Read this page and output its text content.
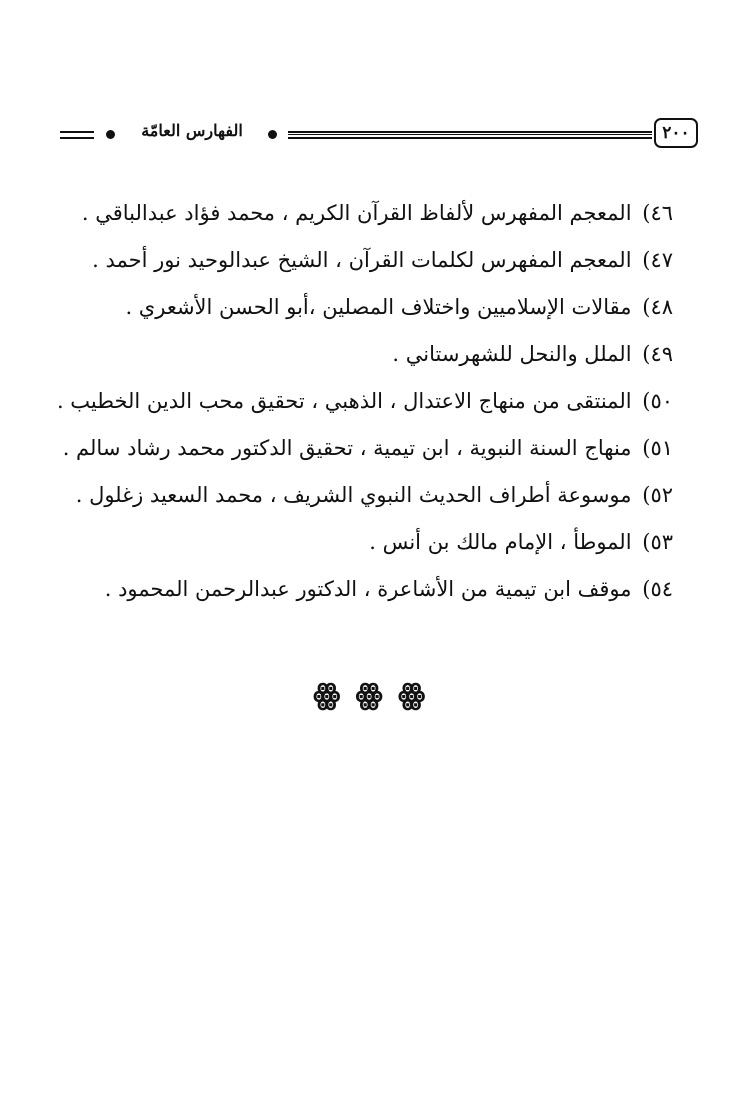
الفهارس العامّة	٢٠٠
٤٦) المعجم المفهرس لألفاظ القرآن الكريم ، محمد فؤاد عبدالباقي .
٤٧) المعجم المفهرس لكلمات القرآن ، الشيخ عبدالوحيد نور أحمد .
٤٨) مقالات الإسلاميين واختلاف المصلين ،أبو الحسن الأشعري .
٤٩) الملل والنحل للشهرستاني .
٥٠) المنتقى من منهاج الاعتدال ، الذهبي ، تحقيق محب الدين الخطيب .
٥١) منهاج السنة النبوية ، ابن تيمية ، تحقيق الدكتور محمد رشاد سالم .
٥٢) موسوعة أطراف الحديث النبوي الشريف ، محمد السعيد زغلول .
٥٣) الموطأ ، الإمام مالك بن أنس .
٥٤) موقف ابن تيمية من الأشاعرة ، الدكتور عبدالرحمن المحمود .
ꙮꙮꙮ
